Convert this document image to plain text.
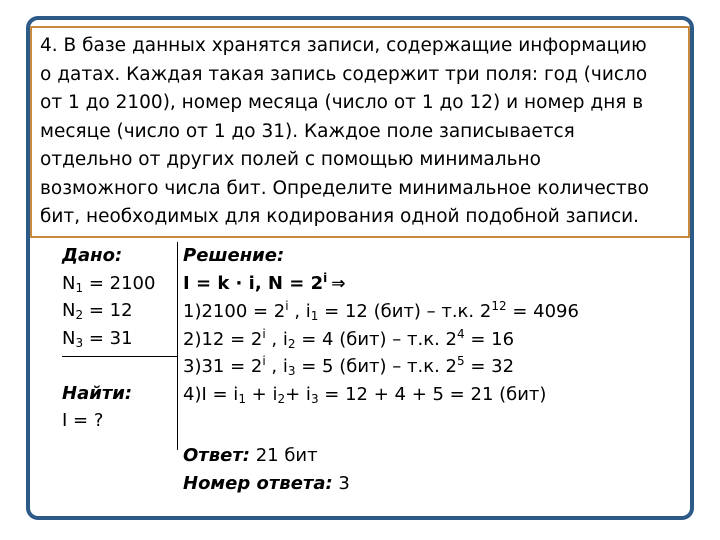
4. В базе данных хранятся записи, содержащие информацию

о датах. Каждая такая запись содержит три поля: год (число

от 1 до 2100), номер месяца (число от 1 до 12) и номер дня в

месяце (число от 1 до 31). Каждое поле записывается

отдельно от других полей с помощью минимально

возможного числа бит. Определите минимальное количество

бит, необходимых для кодирования одной подобной записи.

Дано:
$N_1 = 2100$
$N_2 = 12$
$N_3 = 31$
Найти:
I = ?
Решение:
I = k · i, $N = 2^i$ ⇒
$1)2100 = 2^i$ , $i_1 = 12$ (бит) – т.к. $2^{12} = 4096$
$2)12 = 2^i$ , $i_2 = 4$ (бит) – т.к. $2^4 = 16$
$3)31 = 2^i$ , $i_3 = 5$ (бит) – т.к. $2^5 = 32$
$4)I = i_1 + i_2+ i_3 = 12 + 4 + 5 = 21$ (бит)
Ответ: 21 бит
Номер ответа: 3
